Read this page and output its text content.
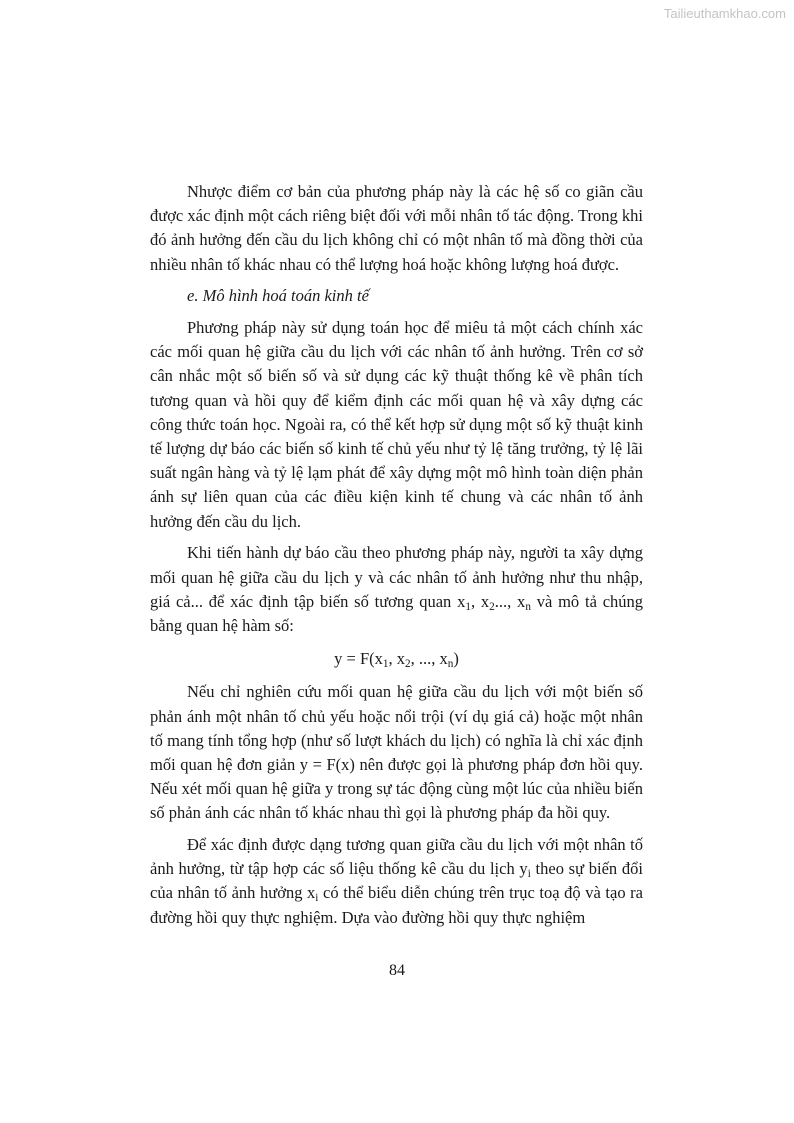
Tailieuthamkhao.com

Nhược điểm cơ bản của phương pháp này là các hệ số co giãn cầu được xác định một cách riêng biệt đối với mỗi nhân tố tác động. Trong khi đó ảnh hưởng đến cầu du lịch không chỉ có một nhân tố mà đồng thời của nhiều nhân tố khác nhau có thể lượng hoá hoặc không lượng hoá được.

e. Mô hình hoá toán kinh tế

Phương pháp này sử dụng toán học để miêu tả một cách chính xác các mối quan hệ giữa cầu du lịch với các nhân tố ảnh hưởng. Trên cơ sở cân nhắc một số biến số và sử dụng các kỹ thuật thống kê về phân tích tương quan và hồi quy để kiểm định các mối quan hệ và xây dựng các công thức toán học. Ngoài ra, có thể kết hợp sử dụng một số kỹ thuật kinh tế lượng dự báo các biến số kinh tế chủ yếu như tỷ lệ tăng trưởng, tỷ lệ lãi suất ngân hàng và tỷ lệ lạm phát để xây dựng một mô hình toàn diện phản ánh sự liên quan của các điều kiện kinh tế chung và các nhân tố ảnh hưởng đến cầu du lịch.

Khi tiến hành dự báo cầu theo phương pháp này, người ta xây dựng mối quan hệ giữa cầu du lịch y và các nhân tố ảnh hưởng như thu nhập, giá cả... để xác định tập biến số tương quan $x_1$, $x_2$..., $x_n$ và mô tả chúng bằng quan hệ hàm số:

$y = F(x_1$, $x_2$, ..., $x_n$)

Nếu chỉ nghiên cứu mối quan hệ giữa cầu du lịch với một biến số phản ánh một nhân tố chủ yếu hoặc nổi trội (ví dụ giá cả) hoặc một nhân tố mang tính tổng hợp (như số lượt khách du lịch) có nghĩa là chỉ xác định mối quan hệ đơn giản y = F(x) nên được gọi là phương pháp đơn hồi quy. Nếu xét mối quan hệ giữa y trong sự tác động cùng một lúc của nhiều biến số phản ánh các nhân tố khác nhau thì gọi là phương pháp đa hồi quy.

Để xác định được dạng tương quan giữa cầu du lịch với một nhân tố ảnh hưởng, từ tập hợp các số liệu thống kê cầu du lịch $y_i$ theo sự biến đổi của nhân tố ảnh hưởng $x_i$ có thể biểu diễn chúng trên trục toạ độ và tạo ra đường hồi quy thực nghiệm. Dựa vào đường hồi quy thực nghiệm

84
